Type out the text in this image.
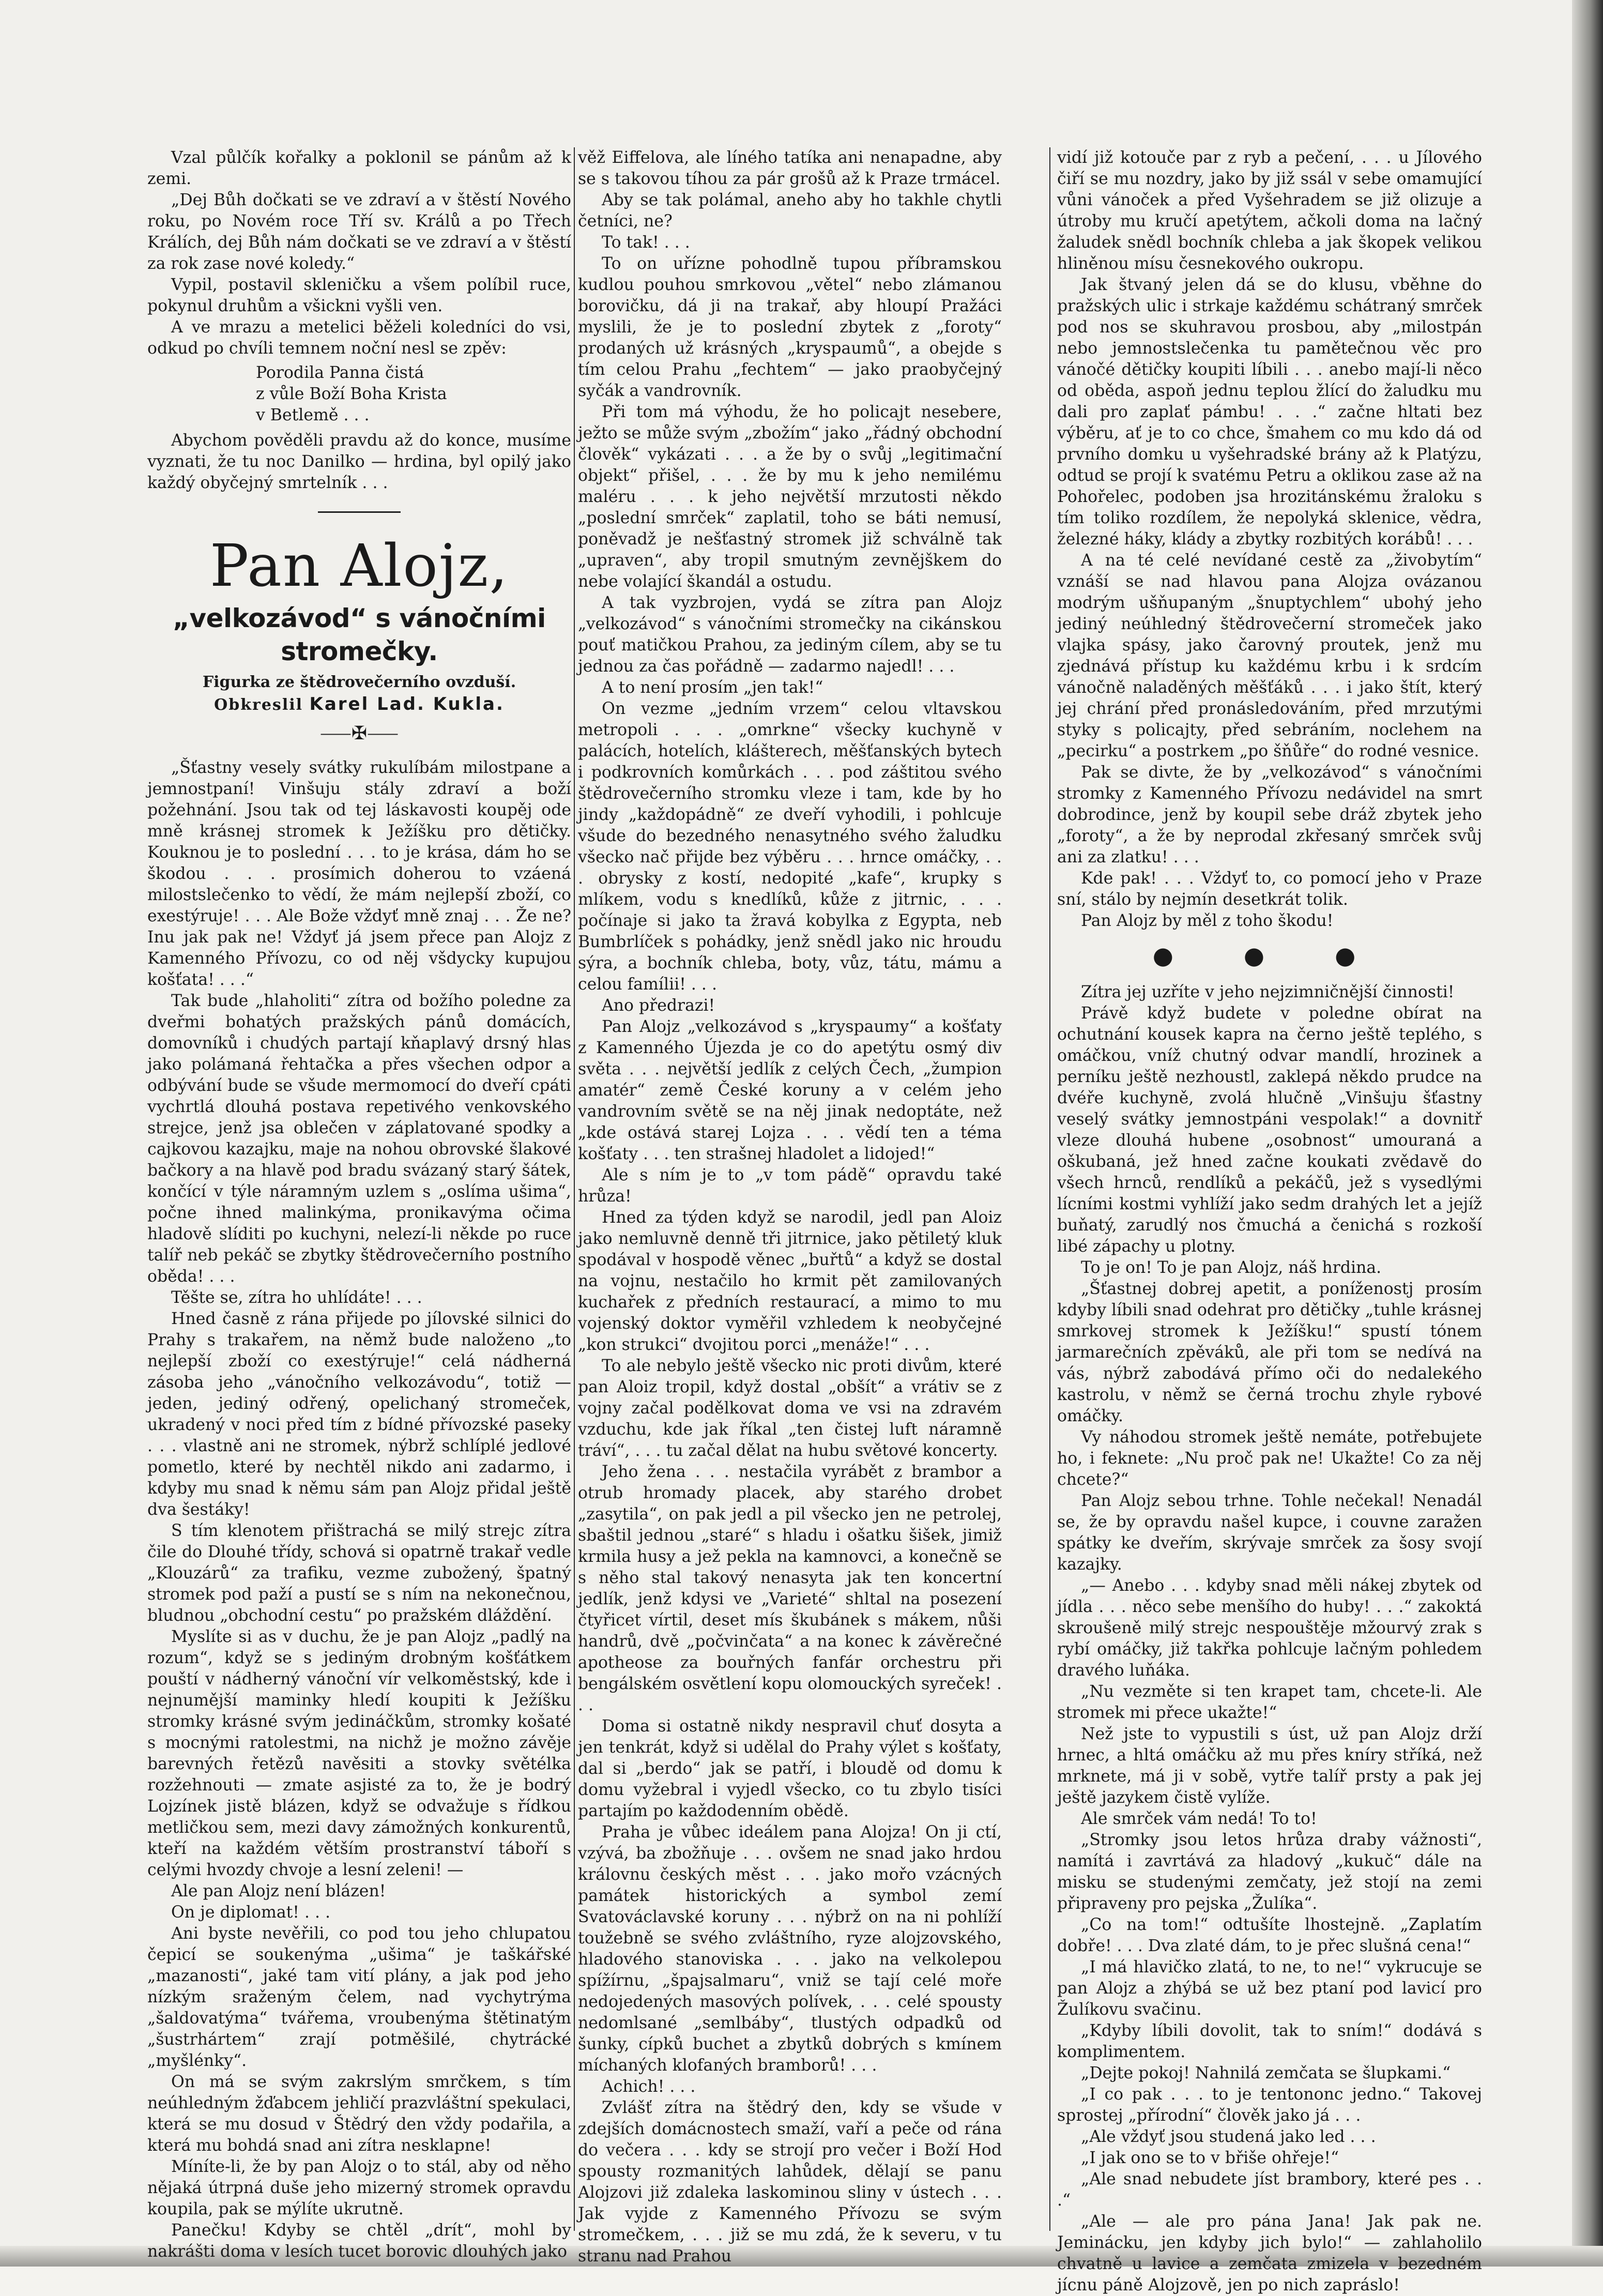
Vzal půlčík kořalky a poklonil se pánům až k zemi.

„Dej Bůh dočkati se ve zdraví a v štěstí Nového roku, po Novém roce Tří sv. Králů a po Třech Králích, dej Bůh nám dočkati se ve zdraví a v štěstí za rok zase nové koledy.“

Vypil, postavil skleničku a všem políbil ruce, pokynul druhům a všickni vyšli ven.

A ve mrazu a metelici běželi koledníci do vsi, odkud po chvíli temnem noční nesl se zpěv:

Porodila Panna čistá
z vůle Boží Boha Krista
v Betlemě . . .

Abychom pověděli pravdu až do konce, musíme vyznati, že tu noc Danilko — hrdina, byl opilý jako každý obyčejný smrtelník . . .

Pan Alojz,
„velkozávod“ s vánočními stromečky.
Figurka ze štědrovečerního ovzduší.
Obkreslil Karel Lad. Kukla.
⸺✠⸺

„Šťastny vesely svátky rukulíbám milostpane a jemnostpaní! Vinšuju stály zdraví a boží požehnání. Jsou tak od tej láskavosti koupěj ode mně krásnej stromek k Ježíšku pro dětičky. Kouknou je to poslední . . . to je krása, dám ho se škodou . . . prosímich doherou to vzáená milostslečenko to vědí, že mám nejlepší zboží, co exestýruje! . . . Ale Bože vždyť mně znaj . . . Že ne? Inu jak pak ne! Vždyť já jsem přece pan Alojz z Kamenného Přívozu, co od něj všdycky kupujou košťata! . . .“

Tak bude „hlaholiti“ zítra od božího poledne za dveřmi bohatých pražských pánů domácích, domovníků i chudých partají kňaplavý drsný hlas jako polámaná řehtačka a přes všechen odpor a odbývání bude se všude mermomocí do dveří cpáti vychrtlá dlouhá postava repetivého venkovského strejce, jenž jsa oblečen v záplatované spodky a cajkovou kazajku, maje na nohou obrovské šlakové bačkory a na hlavě pod bradu svázaný starý šátek, končící v týle náramným uzlem s „oslíma ušima“, počne ihned malinkýma, pronikavýma očima hladově slíditi po kuchyni, nelezí-li někde po ruce talíř neb pekáč se zbytky štědrovečerního postního oběda! . . .

Těšte se, zítra ho uhlídáte! . . .

Hned časně z rána přijede po jílovské silnici do Prahy s trakařem, na němž bude naloženo „to nejlepší zboží co exestýruje!“ celá nádherná zásoba jeho „vánočního velkozávodu“, totiž — jeden, jediný odřený, opelichaný stromeček, ukradený v noci před tím z bídné přívozské paseky . . . vlastně ani ne stromek, nýbrž schlíplé jedlové pometlo, které by nechtěl nikdo ani zadarmo, i kdyby mu snad k němu sám pan Alojz přidal ještě dva šestáky!

S tím klenotem přištrachá se milý strejc zítra čile do Dlouhé třídy, schová si opatrně trakař vedle „Klouzárů“ za trafiku, vezme zubožený, špatný stromek pod paží a pustí se s ním na nekonečnou, bludnou „obchodní cestu“ po pražském dláždění.

Myslíte si as v duchu, že je pan Alojz „padlý na rozum“, když se s jediným drobným košťátkem pouští v nádherný vánoční vír velkoměstský, kde i nejnumější maminky hledí koupiti k Ježíšku stromky krásné svým jedináčkům, stromky košaté s mocnými ratolestmi, na nichž je možno závěje barevných řetězů navěsiti a stovky světélka rozžehnouti — zmate asjisté za to, že je bodrý Lojzínek jistě blázen, když se odvažuje s řídkou metličkou sem, mezi davy zámožných konkurentů, kteří na každém větším prostranství táboří s celými hvozdy chvoje a lesní zeleni! —

Ale pan Alojz není blázen!

On je diplomat! . . .

Ani byste nevěřili, co pod tou jeho chlupatou čepicí se soukenýma „ušima“ je taškářské „mazanosti“, jaké tam vití plány, a jak pod jeho nízkým sraženým čelem, nad vychytrýma „šaldovatýma“ tvářema, vroubenýma štětinatým „šustrhártem“ zrají potměšilé, chytrácké „myšlénky“.

On má se svým zakrslým smrčkem, s tím neúhledným žďabcem jehličí prazvláštní spekulaci, která se mu dosud v Štědrý den vždy podařila, a která mu bohdá snad ani zítra nesklapne!

Míníte-li, že by pan Alojz o to stál, aby od něho nějaká útrpná duše jeho mizerný stromek opravdu koupila, pak se mýlíte ukrutně.

Panečku! Kdyby se chtěl „drít“, mohl by nakrášti doma v lesích tucet borovic dlouhých jako

věž Eiffelova, ale líného tatíka ani nenapadne, aby se s takovou tíhou za pár grošů až k Praze trmácel.

Aby se tak polámal, aneho aby ho takhle chytli četníci, ne?

To tak! . . .

To on uříznе pohodlně tupou příbramskou kudlou pouhou smrkovou „větel“ nebo zlámanou borovičku, dá ji na trakař, aby hloupí Pražáci myslili, že je to poslední zbytek z „foroty“ prodaných už krásných „kryspaumů“, a obejde s tím celou Prahu „fechtem“ — jako praobyčejný syčák a vandrovník.

Při tom má výhodu, že ho policajt nesebere, ježto se může svým „zbožím“ jako „řádný obchodní člověk“ vykázati . . . a že by o svůj „legitimační objekt“ přišel, . . . že by mu k jeho nemilému maléru . . . k jeho největší mrzutosti někdo „poslední smrček“ zaplatil, toho se báti nemusí, poněvadž je nešťastný stromek již schválně tak „upraven“, aby tropil smutným zevnějškem do nebe volající škandál a ostudu.

A tak vyzbrojen, vydá se zítra pan Alojz „velkozávod“ s vánočními stromečky na cikánskou pouť matičkou Prahou, za jediným cílem, aby se tu jednou za čas pořádně — zadarmo najedl! . . .

A to není prosím „jen tak!“

On vezme „jedním vrzem“ celou vltavskou metropoli . . . „omrkne“ všecky kuchyně v palácích, hotelích, klášterech, měšťanských bytech i podkrovních komůrkách . . . pod záštitou svého štědrovečerního stromku vleze i tam, kde by ho jindy „každopádně“ ze dveří vyhodili, i pohlcuje všude do bezedného nenasytného svého žaludku všecko nač přijde bez výběru . . . hrnce omáčky, . . . obrysky z kostí, nedopité „kafe“, krupky s mlíkem, vodu s knedlíků, kůže z jitrnic, . . . počínaje si jako ta žravá kobylka z Egypta, neb Bumbrlíček s pohádky, jenž snědl jako nic hroudu sýra, a bochník chleba, boty, vůz, tátu, mámu a celou famílii! . . .

Ano předrazi!

Pan Alojz „velkozávod s „kryspaumy“ a košťaty z Kamenného Újezda je co do apetýtu osmý div světa . . . největší jedlík z celých Čech, „žumpion amatér“ země České koruny a v celém jeho vandrovním světě se na něj jinak nedoptáte, než „kde ostává starej Lojza . . . vědí ten a téma košťaty . . . ten strašnej hladolet a lidojed!“

Ale s ním je to „v tom pádě“ opravdu také hrůza!

Hned za týden když se narodil, jedl pan Aloiz jako nemluvně denně tři jitrnice, jako pětiletý kluk spodával v hospodě věnec „buřtů“ a když se dostal na vojnu, nestačilo ho krmit pět zamilovaných kuchařek z předních restaurací, a mimo to mu vojenský doktor vyměřil vzhledem k neobyčejné „kon strukci“ dvojitou porci „menáže!“ . . .

To ale nebylo ještě všecko nic proti divům, které pan Aloiz tropil, když dostal „obšít“ a vrátiv se z vojny začal podělkovat doma ve vsi na zdravém vzduchu, kde jak říkal „ten čistej luft náramně tráví“, . . . tu začal dělat na hubu světové koncerty.

Jeho žena . . . nestačila vyrábět z brambor a otrub hromady placek, aby starého drobet „zasytila“, on pak jedl a pil všecko jen ne petrolej, sbaštil jednou „staré“ s hladu i ošatku šišek, jimiž krmila husy a jež pekla na kamnovci, a konečně se s něho stal takový nenasyta jak ten koncertní jedlík, jenž kdysi ve „Varieté“ shltal na posezení čtyřicet vírtil, deset mís škubánek s mákem, nůši handrů, dvě „počvinčata“ a na konec k závěrečné apotheose za bouřných fanfár orchestru při bengálském osvětlení kopu olomouckých syreček! . . .

Doma si ostatně nikdy nespravil chuť dosyta a jen tenkrát, když si udělal do Prahy výlet s košťaty, dal si „berdo“ jak se patří, i bloudě od domu k domu vyžebral i vyjedl všecko, co tu zbylo tisíci partajím po každodenním obědě.

Praha je vůbec ideálem pana Alojza! On ji ctí, vzývá, ba zbožňuje . . . ovšem ne snad jako hrdou královnu českých měst . . . jako mořo vzácných památek historických a symbol zemí Svatováclavské koruny . . . nýbrž on na ni pohlíží toužebně se svého zvláštního, ryze alojzovského, hladového stanoviska . . . jako na velkolepou spížírnu, „špajsalmaru“, vniž se tají celé moře nedojedených masových polívek, . . . celé spousty nedomlsané „semlbáby“, tlustých odpadků od šunky, cípků buchet a zbytků dobrých s kmínem míchaných klofaných bramborů! . . .

Achich! . . .

Zvlášť zítra na štědrý den, kdy se všude v zdejších domácnostech smaží, vaří a peče od rána do večera . . . kdy se strojí pro večer i Boží Hod spousty rozmanitých lahůdek, dělají se panu Alojzovi již zdaleka laskominou sliny v ústech . . . Jak vyjde z Kamenného Přívozu se svým stromečkem, . . . již se mu zdá, že k severu, v tu stranu nad Prahou

vidí již kotouče par z ryb a pečení, . . . u Jílového čiří se mu nozdry, jako by již ssál v sebe omamující vůni vánoček a před Vyšehradem se již olizuje a útroby mu kručí apetýtem, ačkoli doma na lačný žaludek snědl bochník chleba a jak škopek velikou hliněnou mísu česnekového oukropu.

Jak štvaný jelen dá se do klusu, vběhne do pražských ulic i strkaje každému schátraný smrček pod nos se skuhravou prosbou, aby „milostpán nebo jemnostslečenka tu pamětečnou věc pro vánočé dětičky koupiti líbili . . . anebo mají-li něco od oběda, aspoň jednu teplou žlící do žaludku mu dali pro zaplať pámbu! . . .“ začne hltati bez výběru, ať je to co chce, šmahem co mu kdo dá od prvního domku u vyšehradské brány až k Platýzu, odtud se projí k svatému Petru a oklikou zase až na Pohořelec, podoben jsa hrozitánskému žraloku s tím toliko rozdílem, že nepolyká sklenice, vědra, železné háky, klády a zbytky rozbitých korábů! . . .

A na té celé nevídané cestě za „živobytím“ vznáší se nad hlavou pana Alojza ovázanou modrým ušňupaným „šnuptychlem“ ubohý jeho jediný neúhledný štědrovečerní stromeček jako vlajka spásy, jako čarovný proutek, jenž mu zjednává přístup ku každému krbu i k srdcím vánočně naladěných měšťáků . . . i jako štít, který jej chrání před pronásledováním, před mrzutými styky s policajty, před sebráním, noclehem na „pecirku“ a postrkem „po šňůře“ do rodné vesnice.

Pak se divte, že by „velkozávod“ s vánočními stromky z Kamenného Přívozu nedávidel na smrt dobrodince, jenž by koupil sebe dráž zbytek jeho „foroty“, a že by neprodal zkřesaný smrček svůj ani za zlatku! . . .

Kde pak! . . . Vždyť to, co pomocí jeho v Praze sní, stálo by nejmín desetkrát tolik.

Pan Alojz by měl z toho škodu!

● ● ●

Zítra jej uzříte v jeho nejzimničnější činnosti!

Právě když budete v poledne obírat na ochutnání kousek kapra na černo ještě teplého, s omáčkou, vníž chutný odvar mandlí, hrozinek a perníku ještě nezhoustl, zaklepá někdo prudce na dvéře kuchyně, zvolá hlučně „Vinšuju šťastny veselý svátky jemnostpáni vespolak!“ a dovnitř vleze dlouhá hubene „osobnost“ umouraná a oškubaná, jež hned začne koukati zvědavě do všech hrnců, rendlíků a pekáčů, jež s vysedlými lícními kostmi vyhlíží jako sedm drahých let a jejíž buňatý, zarudlý nos čmuchá a čenichá s rozkoší libé zápachy u plotny.

To je on! To je pan Alojz, náš hrdina.

„Šťastnej dobrej apetit, a poníženostj prosím kdyby líbili snad odehrat pro dětičky „tuhle krásnej smrkovej stromek k Ježíšku!“ spustí tónem jarmarečních zpěváků, ale při tom se nedívá na vás, nýbrž zabodává přímo oči do nedalekého kastrolu, v němž se černá trochu zhyle rybové omáčky.

Vy náhodou stromek ještě nemáte, potřebujete ho, i feknete: „Nu proč pak ne! Ukažte! Co za něj chcete?“

Pan Alojz sebou trhne. Tohle nečekal! Nenadál se, že by opravdu našel kupce, i couvne zaražen spátky ke dveřím, skrývaje smrček za šosy svojí kazajky.

„— Anebo . . . kdyby snad měli nákej zbytek od jídla . . . něco sebe menšího do huby! . . .“ zakoktá skroušeně milý strejc nespouštěje mžourvý zrak s rybí omáčky, již takřka pohlcuje lačným pohledem dravého luňáka.

„Nu vezměte si ten krapet tam, chcete-li. Ale stromek mi přece ukažte!“

Než jste to vypustili s úst, už pan Alojz drží hrnec, a hltá omáčku až mu přes kníry stříká, než mrknete, má ji v sobě, vytře talíř prsty a pak jej ještě jazykem čistě vylíže.

Ale smrček vám nedá! To to!

„Stromky jsou letos hrůza draby vážnosti“, namítá i zavrtává za hladový „kukuč“ dále na misku se studenými zemčaty, jež stojí na zemi připraveny pro pejska „Žulíka“.

„Co na tom!“ odtušíte lhostejně. „Zaplatím dobře! . . . Dva zlaté dám, to je přec slušná cena!“

„I má hlavičko zlatá, to ne, to ne!“ vykrucuje se pan Alojz a zhýbá se už bez ptaní pod lavicí pro Žulíkovu svačinu.

„Kdyby líbili dovolit, tak to sním!“ dodává s komplimentem.

„Dejte pokoj! Nahnilá zemčata se šlupkami.“

„I co pak . . . to je tentononc jedno.“ Takovej sprostej „přírodní“ člověk jako já . . .

„Ale vždyť jsou studená jako led . . .

„I jak ono se to v břiše ohřeje!“

„Ale snad nebudete jíst brambory, které pes . . .“

„Ale — ale pro pána Jana! Jak pak ne. Jeminácku, jen kdyby jich bylo!“ — zahlaholilo chvatně u lavice a zemčata zmizela v bezedném jícnu páně Alojzově, jen po nich zapráslo!
